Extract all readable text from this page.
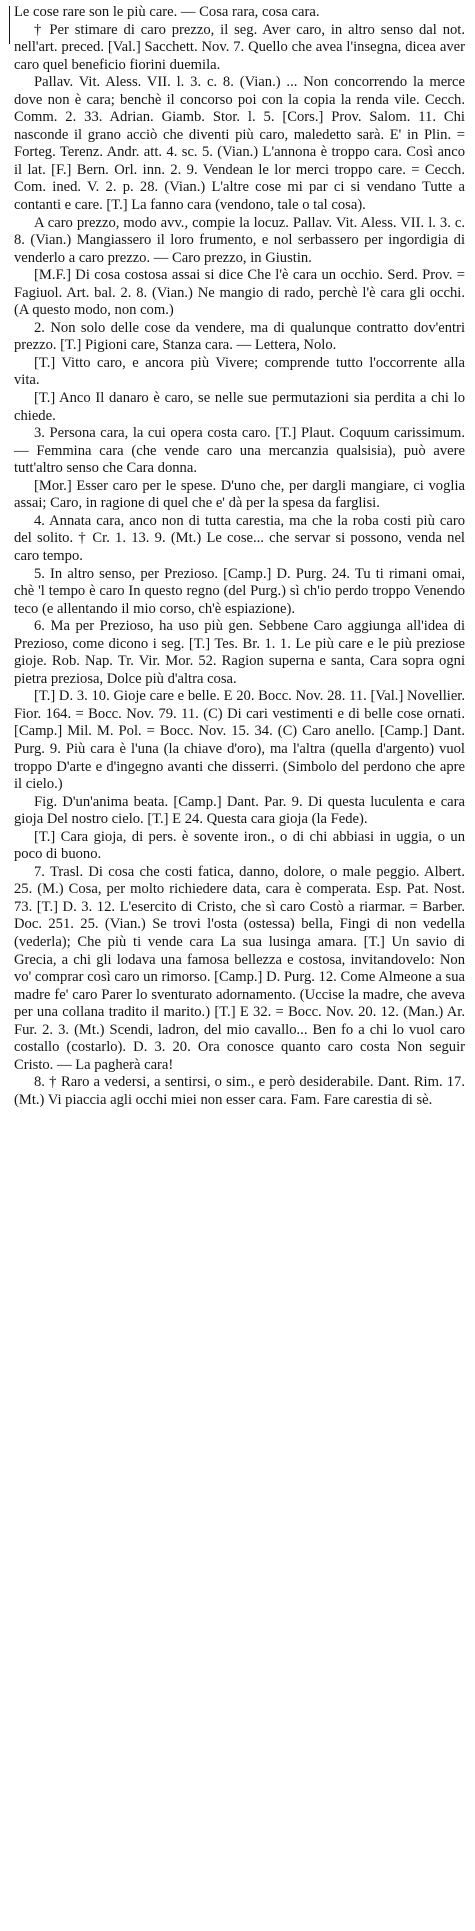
Le cose rare son le più care. — Cosa rara, cosa cara.

† Per stimare di caro prezzo, il seg. Aver caro, in altro senso dal not. nell'art. preced. [Val.] Sacchett. Nov. 7. Quello che avea l'insegna, dicea aver caro quel beneficio fiorini duemila.

Pallav. Vit. Aless. VII. l. 3. c. 8. (Vian.) ... Non concorrendo la merce dove non è cara; benchè il concorso poi con la copia la renda vile. Cecch. Comm. 2. 33. Adrian. Giamb. Stor. l. 5. [Cors.] Prov. Salom. 11. Chi nasconde il grano acciò che diventi più caro, maledetto sarà. E' in Plin. = Forteg. Terenz. Andr. att. 4. sc. 5. (Vian.) L'annona è troppo cara. Così anco il lat. [F.] Bern. Orl. inn. 2. 9. Vendean le lor merci troppo care. = Cecch. Com. ined. V. 2. p. 28. (Vian.) L'altre cose mi par ci si vendano Tutte a contanti e care. [T.] La fanno cara (vendono, tale o tal cosa).

A caro prezzo, modo avv., compie la locuz. Pallav. Vit. Aless. VII. l. 3. c. 8. (Vian.) Mangiassero il loro frumento, e nol serbassero per ingordigia di venderlo a caro prezzo. — Caro prezzo, in Giustin.

[M.F.] Di cosa costosa assai si dice Che l'è cara un occhio. Serd. Prov. = Fagiuol. Art. bal. 2. 8. (Vian.) Ne mangio di rado, perchè l'è cara gli occhi. (A questo modo, non com.)

2. Non solo delle cose da vendere, ma di qualunque contratto dov'entri prezzo. [T.] Pigioni care, Stanza cara. — Lettera, Nolo.

[T.] Vitto caro, e ancora più Vivere; comprende tutto l'occorrente alla vita.

[T.] Anco Il danaro è caro, se nelle sue permutazioni sia perdita a chi lo chiede.

3. Persona cara, la cui opera costa caro. [T.] Plaut. Coquum carissimum. — Femmina cara (che vende caro una mercanzia qualsisia), può avere tutt'altro senso che Cara donna.

[Mor.] Esser caro per le spese. D'uno che, per dargli mangiare, ci voglia assai; Caro, in ragione di quel che e' dà per la spesa da farglisi.

4. Annata cara, anco non di tutta carestia, ma che la roba costi più caro del solito. † Cr. 1. 13. 9. (Mt.) Le cose... che servar si possono, venda nel caro tempo.

5. In altro senso, per Prezioso. [Camp.] D. Purg. 24. Tu ti rimani omai, chè 'l tempo è caro In questo regno (del Purg.) sì ch'io perdo troppo Venendo teco (e allentando il mio corso, ch'è espiazione).

6. Ma per Prezioso, ha uso più gen. Sebbene Caro aggiunga all'idea di Prezioso, come dicono i seg. [T.] Tes. Br. 1. 1. Le più care e le più preziose gioje. Rob. Nap. Tr. Vir. Mor. 52. Ragion superna e santa, Cara sopra ogni pietra preziosa, Dolce più d'altra cosa.

[T.] D. 3. 10. Gioje care e belle. E 20. Bocc. Nov. 28. 11. [Val.] Novellier. Fior. 164. = Bocc. Nov. 79. 11. (C) Di cari vestimenti e di belle cose ornati. [Camp.] Mil. M. Pol. = Bocc. Nov. 15. 34. (C) Caro anello. [Camp.] Dant. Purg. 9. Più cara è l'una (la chiave d'oro), ma l'altra (quella d'argento) vuol troppo D'arte e d'ingegno avanti che disserri. (Simbolo del perdono che apre il cielo.)

Fig. D'un'anima beata. [Camp.] Dant. Par. 9. Di questa luculenta e cara gioja Del nostro cielo. [T.] E 24. Questa cara gioja (la Fede).

[T.] Cara gioja, di pers. è sovente iron., o di chi abbiasi in uggia, o un poco di buono.

7. Trasl. Di cosa che costi fatica, danno, dolore, o male peggio. Albert. 25. (M.) Cosa, per molto richiedere data, cara è comperata. Esp. Pat. Nost. 73. [T.] D. 3. 12. L'esercito di Cristo, che sì caro Costò a riarmar. = Barber. Doc. 251. 25. (Vian.) Se trovi l'osta (ostessa) bella, Fingi di non vedella (vederla); Che più ti vende cara La sua lusinga amara. [T.] Un savio di Grecia, a chi gli lodava una famosa bellezza e costosa, invitandovelo: Non vo' comprar così caro un rimorso. [Camp.] D. Purg. 12. Come Almeone a sua madre fe' caro Parer lo sventurato adornamento. (Uccise la madre, che aveva per una collana tradito il marito.) [T.] E 32. = Bocc. Nov. 20. 12. (Man.) Ar. Fur. 2. 3. (Mt.) Scendi, ladron, del mio cavallo... Ben fo a chi lo vuol caro costallo (costarlo). D. 3. 20. Ora conosce quanto caro costa Non seguir Cristo. — La pagherà cara!

8. † Raro a vedersi, a sentirsi, o sim., e però desiderabile. Dant. Rim. 17. (Mt.) Vi piaccia agli occhi miei non esser cara. Fam. Fare carestia di sè.
